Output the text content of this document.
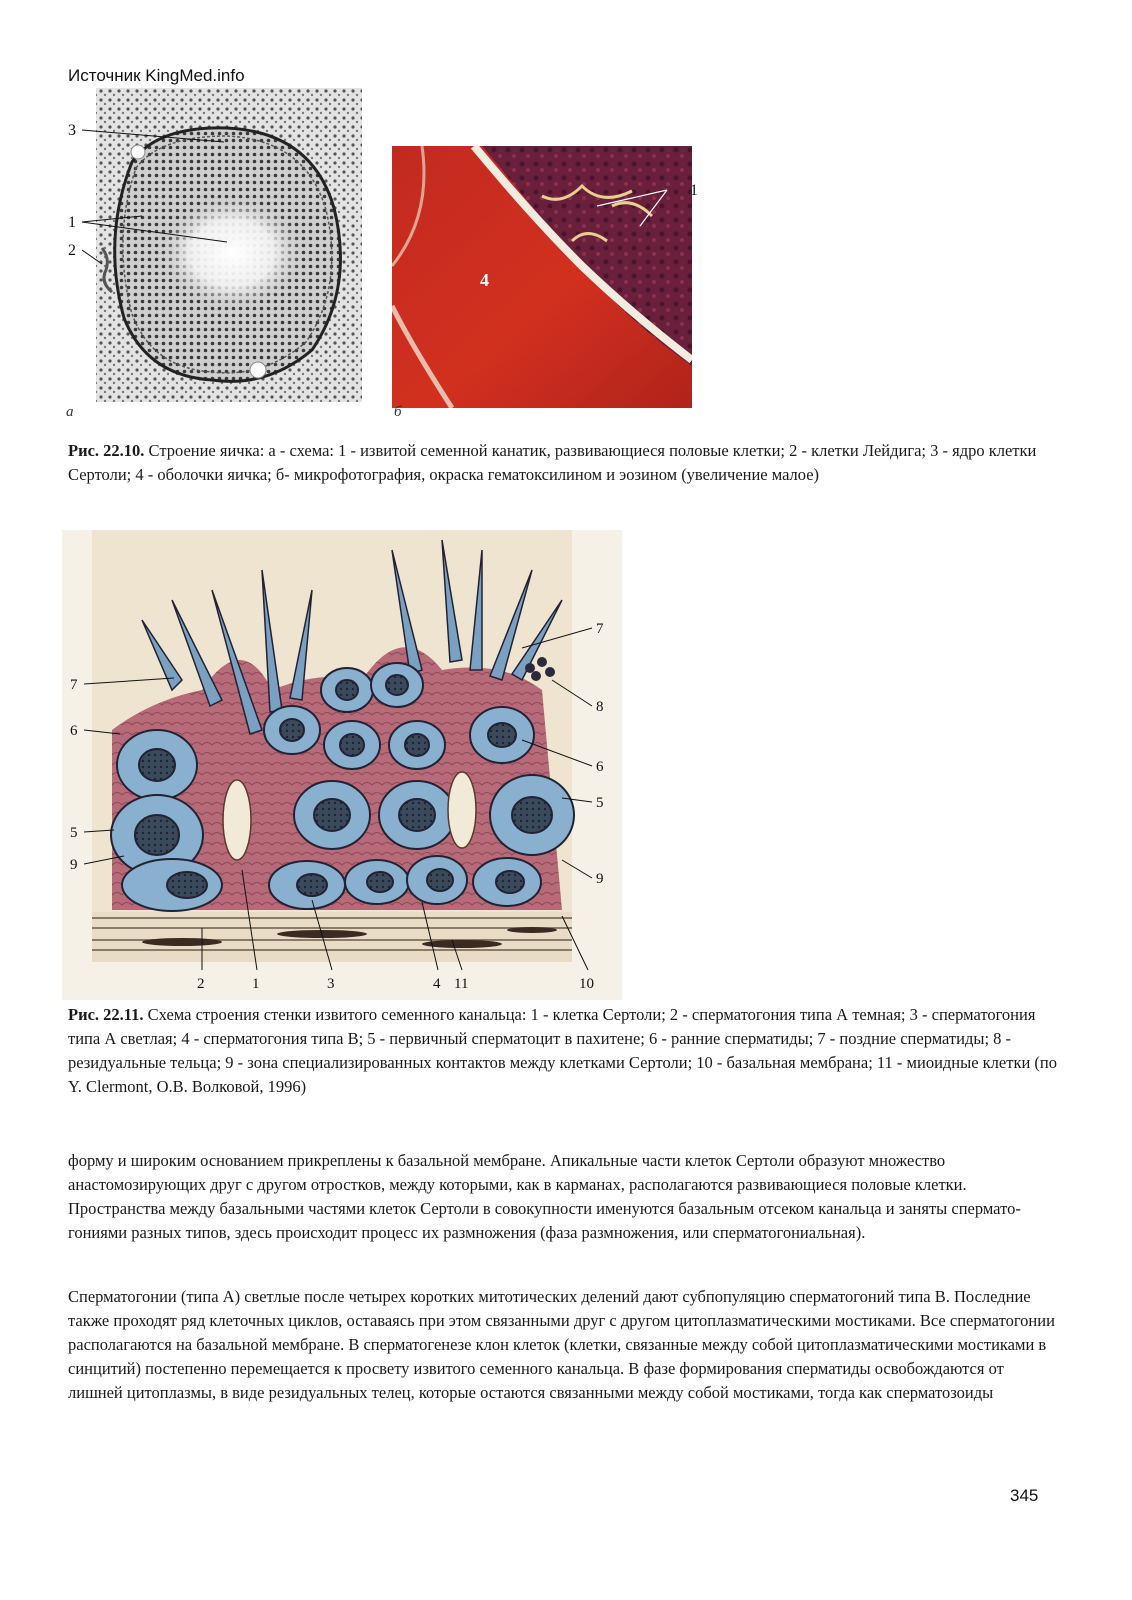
Источник KingMed.info
3
1
2
а
4
1
б
Рис. 22.10. Строение яичка: а - схема: 1 - извитой семенной канатик, развивающиеся половые клетки; 2 - клетки Лейдига; 3 - ядро клетки Сертоли; 4 - оболочки яичка; б- микрофотография, окраска гематоксилином и эозином (увеличение малое)
7
6
5
9
7
8
6
5
9
2	1	3	4 11	10
Рис. 22.11. Схема строения стенки извитого семенного канальца: 1 - клетка Сертоли; 2 - сперматогония типа А темная; 3 - сперматогония типа А светлая; 4 - сперматогония типа В; 5 - первичный сперматоцит в пахитене; 6 - ранние сперматиды; 7 - поздние сперматиды; 8 - резидуальные тельца; 9 - зона специализированных контактов между клетками Сертоли; 10 - базальная мембрана; 11 - миоидные клетки (по Y. Clermont, О.В. Волковой, 1996)

форму и широким основанием прикреплены к базальной мембране. Апикальные части клеток Сертоли образуют множество анастомозирующих друг с другом отростков, между которыми, как в карманах, располагаются развивающиеся половые клетки. Пространства между базальными частями клеток Сертоли в совокупности именуются базальным отсеком канальца и заняты спермато-гониями разных типов, здесь происходит процесс их размножения (фаза размножения, или сперматогониальная).

Сперматогонии (типа А) светлые после четырех коротких митотических делений дают субпопуляцию сперматогоний типа В. Последние также проходят ряд клеточных циклов, оставаясь при этом связанными друг с другом цитоплазматическими мостиками. Все сперматогонии располагаются на базальной мембране. В сперматогенезе клон клеток (клетки, связанные между собой цитоплазматическими мостиками в синцитий) постепенно перемещается к просвету извитого семенного канальца. В фазе формирования сперматиды освобождаются от лишней цитоплазмы, в виде резидуальных телец, которые остаются связанными между собой мостиками, тогда как сперматозоиды

345
